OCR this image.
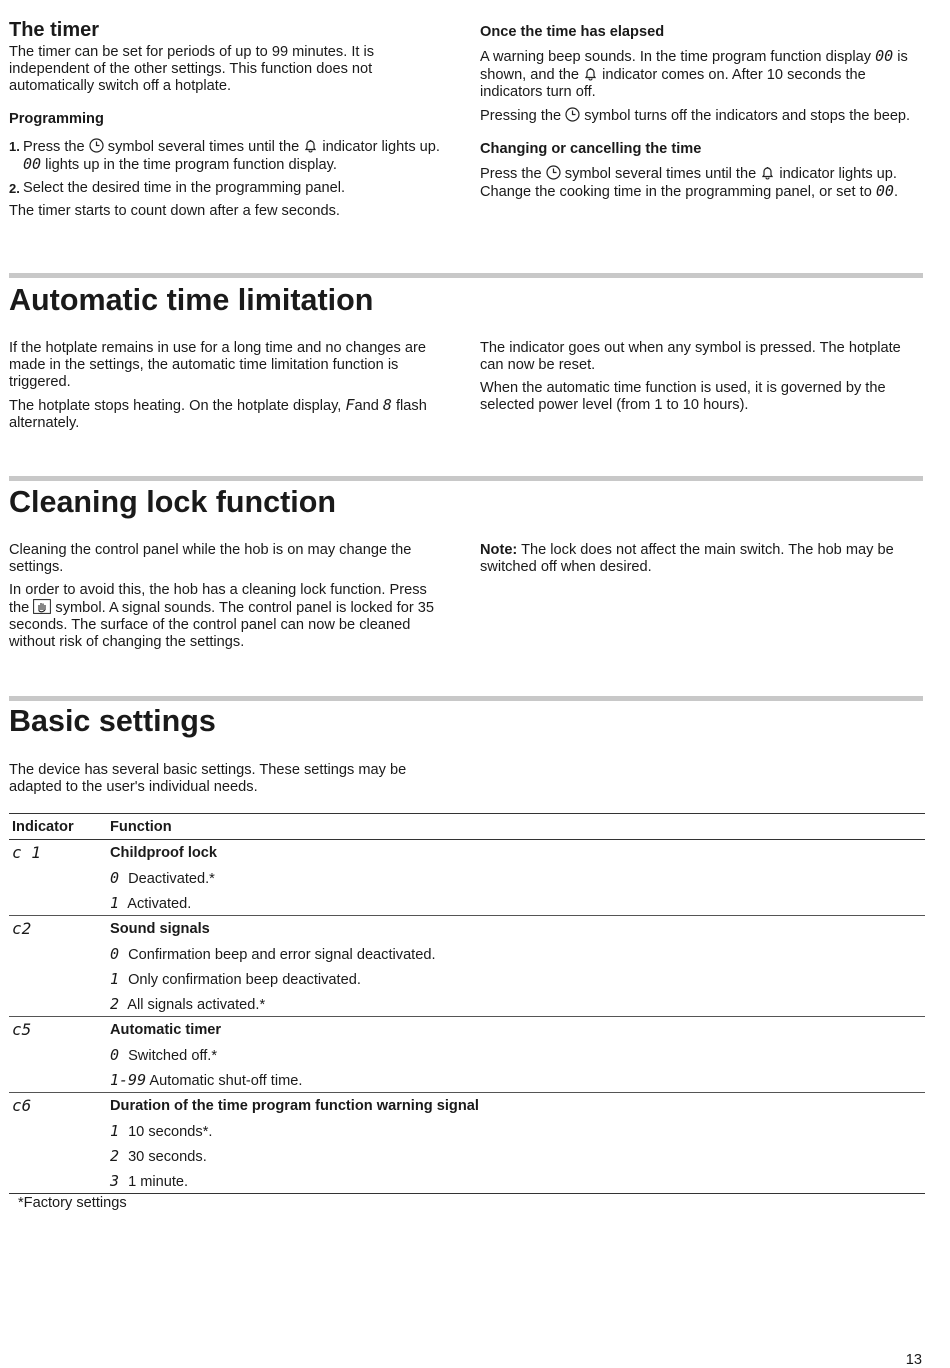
The timer

The timer can be set for periods of up to 99 minutes. It is independent of the other settings. This function does not automatically switch off a hotplate.

Programming
1. Press the symbol several times until the indicator lights up. 00 lights up in the time program function display.
2. Select the desired time in the programming panel.

The timer starts to count down after a few seconds.

Once the time has elapsed

A warning beep sounds. In the time program function display 00 is shown, and the indicator comes on. After 10 seconds the indicators turn off.

Pressing the symbol turns off the indicators and stops the beep.

Changing or cancelling the time

Press the symbol several times until the indicator lights up. Change the cooking time in the programming panel, or set to 00.

Automatic time limitation

If the hotplate remains in use for a long time and no changes are made in the settings, the automatic time limitation function is triggered.

The hotplate stops heating. On the hotplate display, Fand 8 flash alternately.

The indicator goes out when any symbol is pressed. The hotplate can now be reset.

When the automatic time function is used, it is governed by the selected power level (from 1 to 10 hours).

Cleaning lock function

Cleaning the control panel while the hob is on may change the settings.

In order to avoid this, the hob has a cleaning lock function. Press the symbol. A signal sounds. The control panel is locked for 35 seconds. The surface of the control panel can now be cleaned without risk of changing the settings.

Note: The lock does not affect the main switch. The hob may be switched off when desired.

Basic settings

The device has several basic settings. These settings may be adapted to the user's individual needs.

Indicator	Function
c 1	Childproof lock
	0 Deactivated.*
	1 Activated.
c2	Sound signals
	0 Confirmation beep and error signal deactivated.
	1 Only confirmation beep deactivated.
	2 All signals activated.*
c5	Automatic timer
	0 Switched off.*
	1-99 Automatic shut-off time.
c6	Duration of the time program function warning signal
	1 10 seconds*.
	2 30 seconds.
	3 1 minute.
*Factory settings
13
